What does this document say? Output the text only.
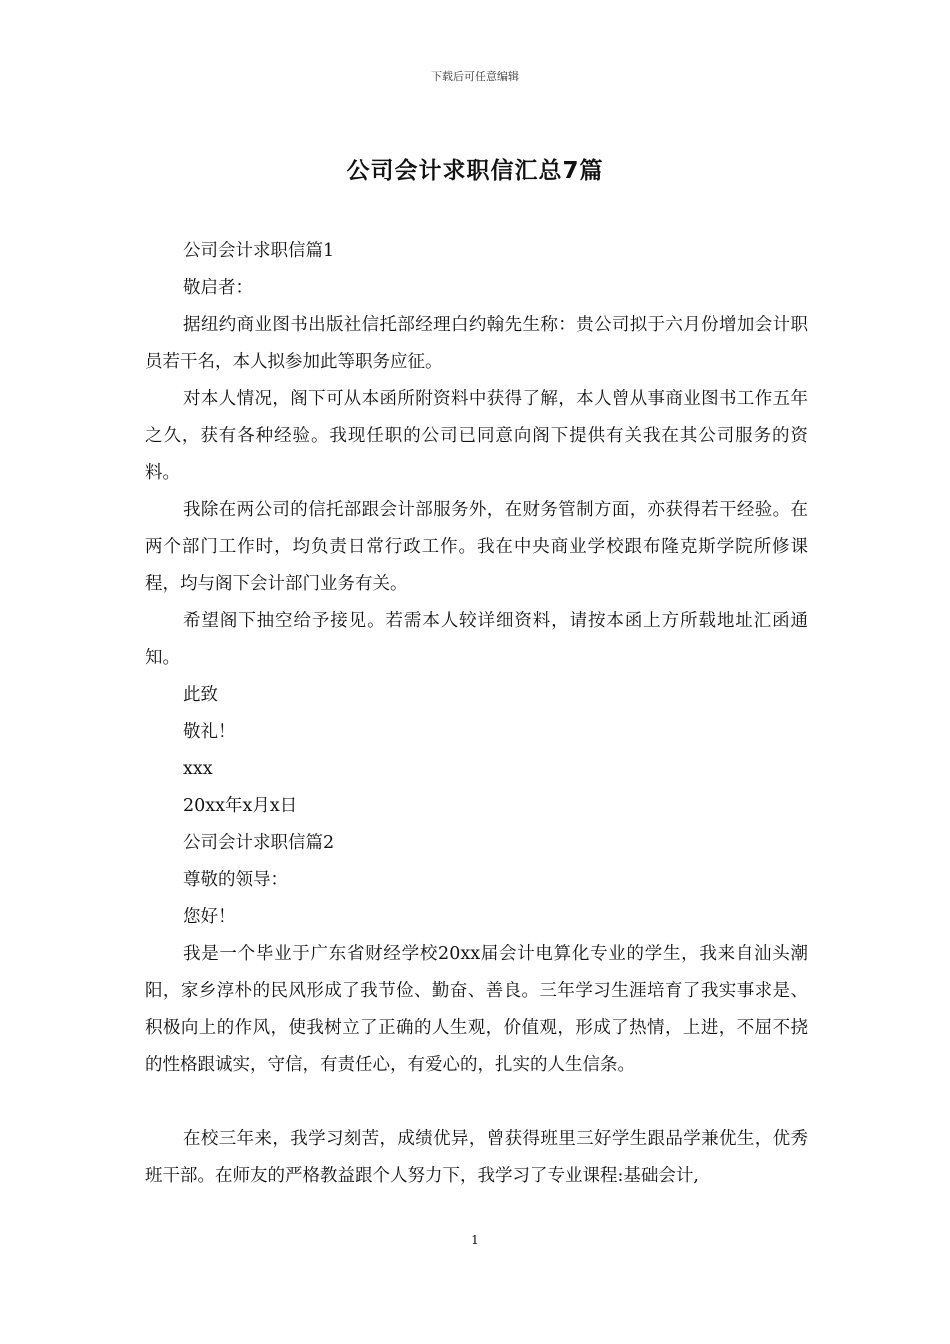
下载后可任意编辑
公司会计求职信汇总7篇

公司会计求职信篇1

敬启者：

据纽约商业图书出版社信托部经理白约翰先生称：贵公司拟于六月份增加会计职员若干名，本人拟参加此等职务应征。

对本人情况，阁下可从本函所附资料中获得了解，本人曾从事商业图书工作五年之久，获有各种经验。我现任职的公司已同意向阁下提供有关我在其公司服务的资料。

我除在两公司的信托部跟会计部服务外，在财务管制方面，亦获得若干经验。在两个部门工作时，均负责日常行政工作。我在中央商业学校跟布隆克斯学院所修课程，均与阁下会计部门业务有关。

希望阁下抽空给予接见。若需本人较详细资料，请按本函上方所载地址汇函通知。

此致

敬礼！

xxx

20xx年x月x日

公司会计求职信篇2

尊敬的领导：

您好！

我是一个毕业于广东省财经学校20xx届会计电算化专业的学生，我来自汕头潮阳，家乡淳朴的民风形成了我节俭、勤奋、善良。三年学习生涯培育了我实事求是、积极向上的作风，使我树立了正确的人生观，价值观，形成了热情，上进，不屈不挠的性格跟诚实，守信，有责任心，有爱心的，扎实的人生信条。

在校三年来，我学习刻苦，成绩优异，曾获得班里三好学生跟品学兼优生，优秀班干部。在师友的严格教益跟个人努力下，我学习了专业课程:基础会计,

1
